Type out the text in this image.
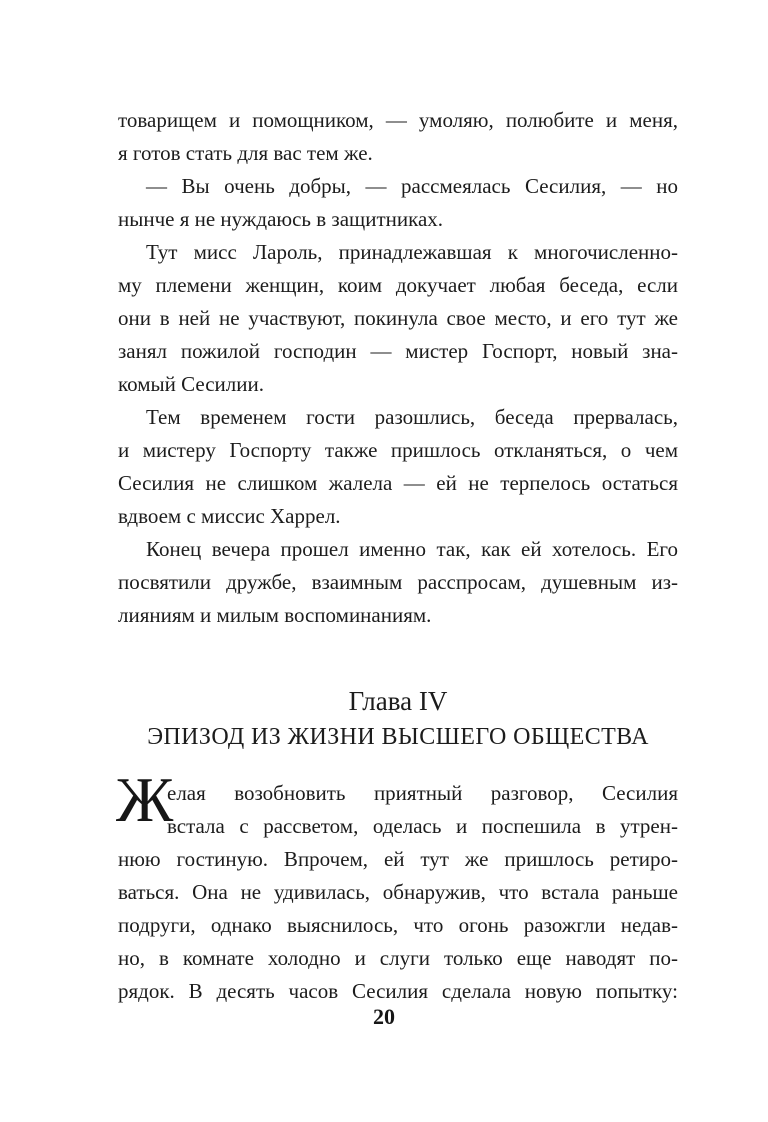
товарищем и помощником, — умоляю, полюбите и меня,
я готов стать для вас тем же.
— Вы очень добры, — рассмеялась Сесилия, — но
нынче я не нуждаюсь в защитниках.
Тут мисс Лароль, принадлежавшая к многочисленно-
му племени женщин, коим докучает любая беседа, если
они в ней не участвуют, покинула свое место, и его тут же
занял пожилой господин — мистер Госпорт, новый зна-
комый Сесилии.
Тем временем гости разошлись, беседа прервалась,
и мистеру Госпорту также пришлось откланяться, о чем
Сесилия не слишком жалела — ей не терпелось остаться
вдвоем с миссис Харрел.
Конец вечера прошел именно так, как ей хотелось. Его
посвятили дружбе, взаимным расспросам, душевным из-
лияниям и милым воспоминаниям.
Глава IV
ЭПИЗОД ИЗ ЖИЗНИ ВЫСШЕГО ОБЩЕСТВА
Ж
елая возобновить приятный разговор, Сесилия
встала с рассветом, оделась и поспешила в утрен-
нюю гостиную. Впрочем, ей тут же пришлось ретиро-
ваться. Она не удивилась, обнаружив, что встала раньше
подруги, однако выяснилось, что огонь разожгли недав-
но, в комнате холодно и слуги только еще наводят по-
рядок. В десять часов Сесилия сделала новую попытку:
20
